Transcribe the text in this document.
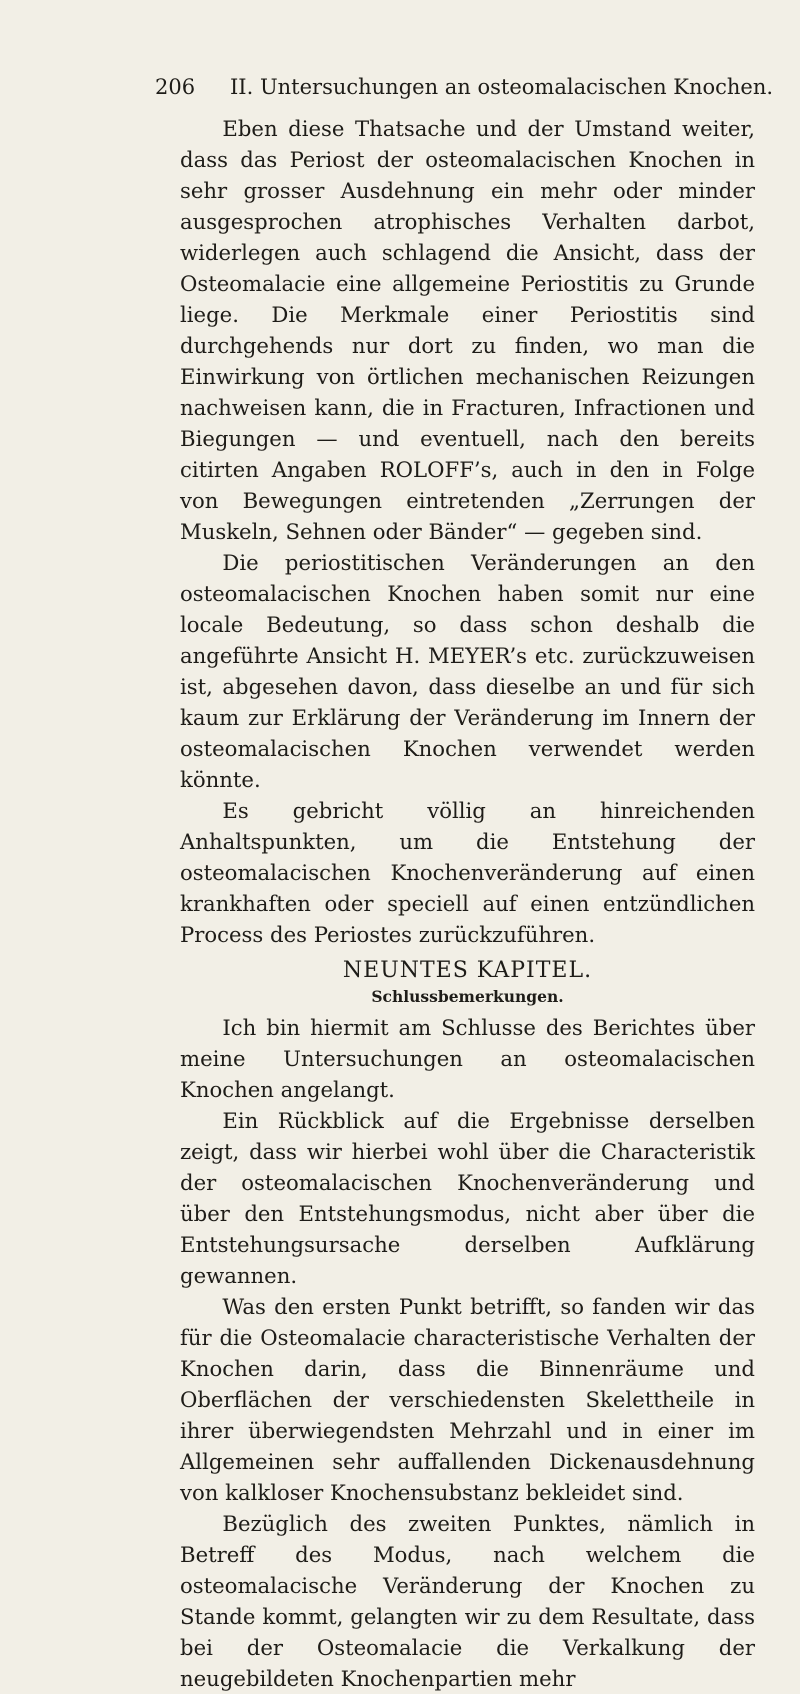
206 II. Untersuchungen an osteomalacischen Knochen.

Eben diese Thatsache und der Umstand weiter, dass das Periost der osteomalacischen Knochen in sehr grosser Ausdehnung ein mehr oder minder ausgesprochen atrophisches Verhalten darbot, widerlegen auch schlagend die Ansicht, dass der Osteomalacie eine allgemeine Periostitis zu Grunde liege. Die Merkmale einer Periostitis sind durchgehends nur dort zu finden, wo man die Einwirkung von örtlichen mechanischen Reizungen nachweisen kann, die in Fracturen, Infractionen und Biegungen — und eventuell, nach den bereits citirten Angaben ROLOFF’s, auch in den in Folge von Bewegungen eintretenden „Zerrungen der Muskeln, Sehnen oder Bänder“ — gegeben sind.

Die periostitischen Veränderungen an den osteomalacischen Knochen haben somit nur eine locale Bedeutung, so dass schon deshalb die angeführte Ansicht H. MEYER’s etc. zurückzuweisen ist, abgesehen davon, dass dieselbe an und für sich kaum zur Erklärung der Veränderung im Innern der osteomalacischen Knochen verwendet werden könnte.

Es gebricht völlig an hinreichenden Anhaltspunkten, um die Entstehung der osteomalacischen Knochenveränderung auf einen krankhaften oder speciell auf einen entzündlichen Process des Periostes zurückzuführen.

NEUNTES KAPITEL.
Schlussbemerkungen.

Ich bin hiermit am Schlusse des Berichtes über meine Untersuchungen an osteomalacischen Knochen angelangt.

Ein Rückblick auf die Ergebnisse derselben zeigt, dass wir hierbei wohl über die Characteristik der osteomalacischen Knochenveränderung und über den Entstehungsmodus, nicht aber über die Entstehungsursache derselben Aufklärung gewannen.

Was den ersten Punkt betrifft, so fanden wir das für die Osteomalacie characteristische Verhalten der Knochen darin, dass die Binnenräume und Oberflächen der verschiedensten Skelettheile in ihrer überwiegendsten Mehrzahl und in einer im Allgemeinen sehr auffallenden Dickenausdehnung von kalkloser Knochensubstanz bekleidet sind.

Bezüglich des zweiten Punktes, nämlich in Betreff des Modus, nach welchem die osteomalacische Veränderung der Knochen zu Stande kommt, gelangten wir zu dem Resultate, dass bei der Osteomalacie die Verkalkung der neugebildeten Knochenpartien mehr
